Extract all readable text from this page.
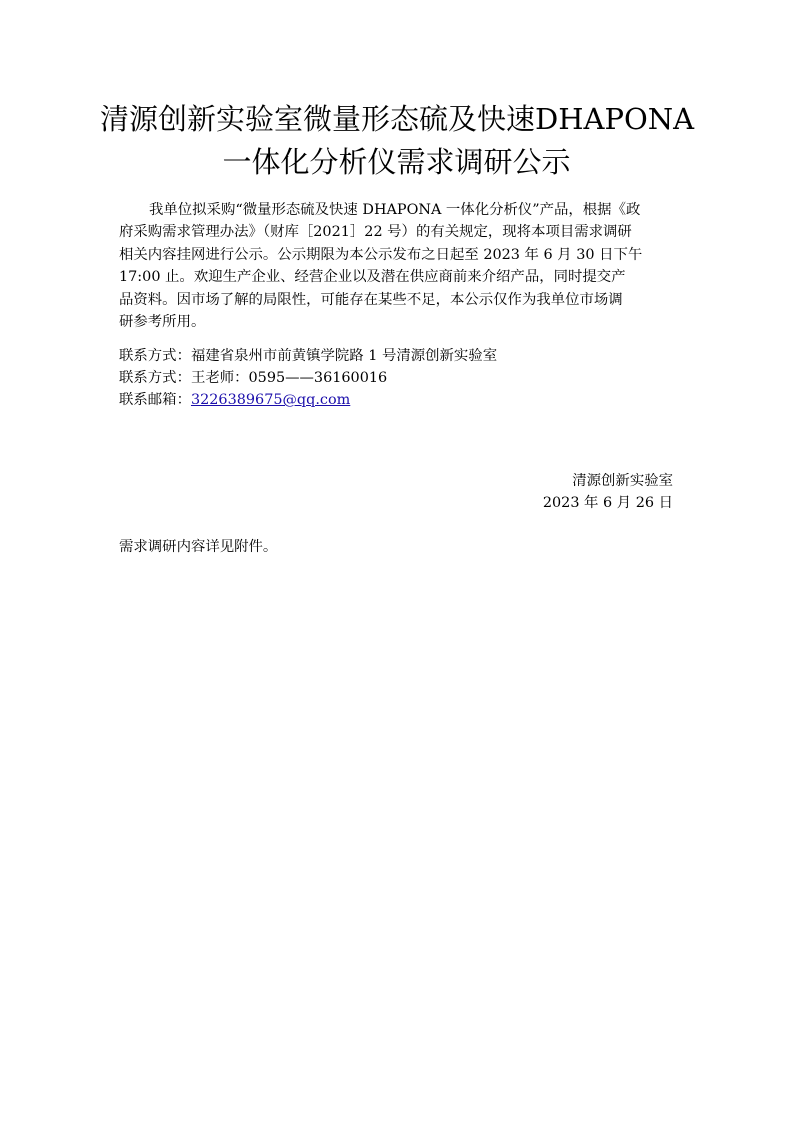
清源创新实验室微量形态硫及快速DHAPONA
一体化分析仪需求调研公示
我单位拟采购“微量形态硫及快速 DHAPONA 一体化分析仪”产品，根据《政
府采购需求管理办法》（财库［2021］22 号）的有关规定，现将本项目需求调研
相关内容挂网进行公示。公示期限为本公示发布之日起至 2023 年 6 月 30 日下午
17:00 止。欢迎生产企业、经营企业以及潜在供应商前来介绍产品，同时提交产
品资料。因市场了解的局限性，可能存在某些不足，本公示仅作为我单位市场调
研参考所用。
联系方式：福建省泉州市前黄镇学院路 1 号清源创新实验室
联系方式：王老师：0595——36160016
联系邮箱：3226389675@qq.com
清源创新实验室
2023 年 6 月 26 日
需求调研内容详见附件。
